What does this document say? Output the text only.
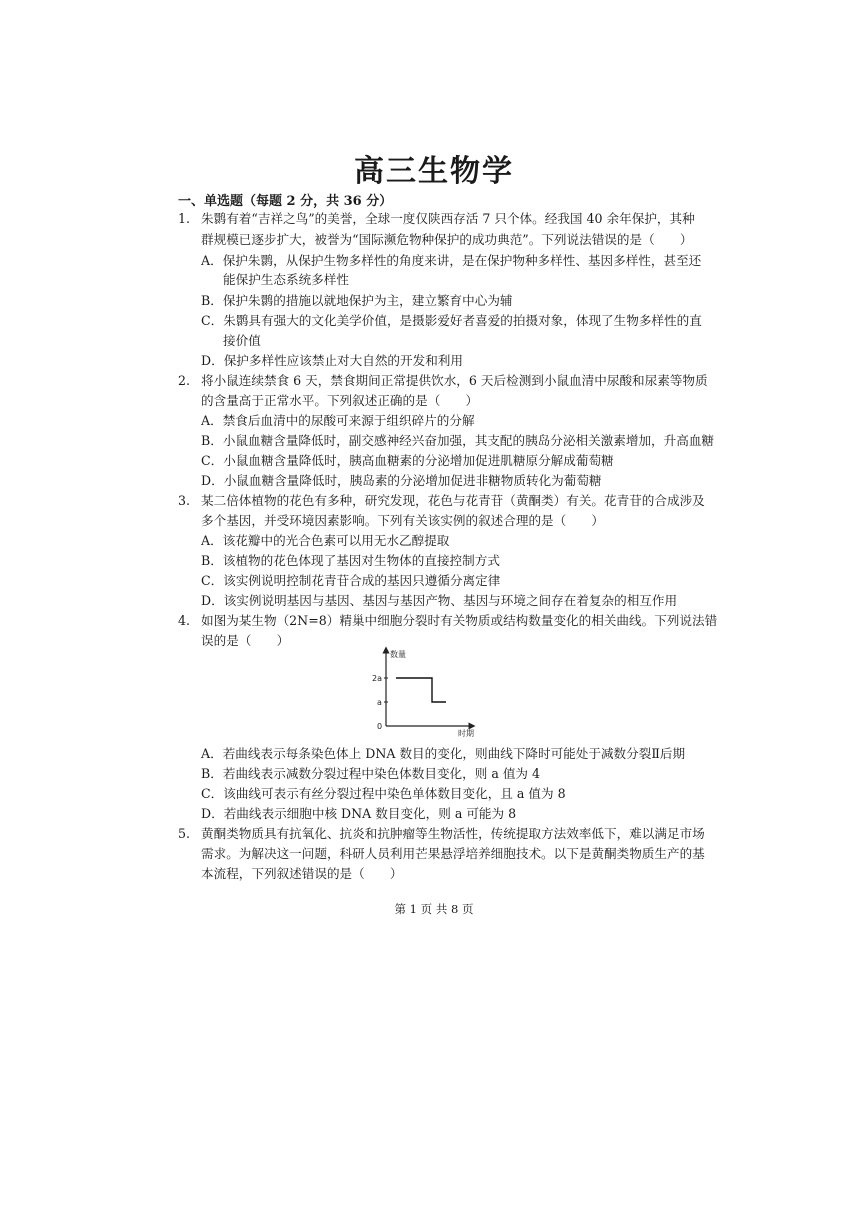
高三生物学
一、单选题（每题 2 分，共 36 分）
1. 朱鹮有着“吉祥之鸟”的美誉，全球一度仅陕西存活 7 只个体。经我国 40 余年保护，其种
群规模已逐步扩大，被誉为“国际濒危物种保护的成功典范”。下列说法错误的是（　　）
A．保护朱鹮，从保护生物多样性的角度来讲，是在保护物种多样性、基因多样性，甚至还
能保护生态系统多样性
B．保护朱鹮的措施以就地保护为主，建立繁育中心为辅
C．朱鹮具有强大的文化美学价值，是摄影爱好者喜爱的拍摄对象，体现了生物多样性的直
接价值
D．保护多样性应该禁止对大自然的开发和利用
2. 将小鼠连续禁食 6 天，禁食期间正常提供饮水，6 天后检测到小鼠血清中尿酸和尿素等物质
的含量高于正常水平。下列叙述正确的是（　　）
A．禁食后血清中的尿酸可来源于组织碎片的分解
B．小鼠血糖含量降低时，副交感神经兴奋加强，其支配的胰岛分泌相关激素增加，升高血糖
C．小鼠血糖含量降低时，胰高血糖素的分泌增加促进肌糖原分解成葡萄糖
D．小鼠血糖含量降低时，胰岛素的分泌增加促进非糖物质转化为葡萄糖
3. 某二倍体植物的花色有多种，研究发现，花色与花青苷（黄酮类）有关。花青苷的合成涉及
多个基因，并受环境因素影响。下列有关该实例的叙述合理的是（　　）
A．该花瓣中的光合色素可以用无水乙醇提取
B．该植物的花色体现了基因对生物体的直接控制方式
C．该实例说明控制花青苷合成的基因只遵循分离定律
D．该实例说明基因与基因、基因与基因产物、基因与环境之间存在着复杂的相互作用
4. 如图为某生物（2N=8）精巢中细胞分裂时有关物质或结构数量变化的相关曲线。下列说法错
误的是（　　）
数量
时期
2a
a
0
A．若曲线表示每条染色体上 DNA 数目的变化，则曲线下降时可能处于减数分裂Ⅱ后期
B．若曲线表示减数分裂过程中染色体数目变化，则 a 值为 4
C．该曲线可表示有丝分裂过程中染色单体数目变化，且 a 值为 8
D．若曲线表示细胞中核 DNA 数目变化，则 a 可能为 8
5. 黄酮类物质具有抗氧化、抗炎和抗肿瘤等生物活性，传统提取方法效率低下，难以满足市场
需求。为解决这一问题，科研人员利用芒果悬浮培养细胞技术。以下是黄酮类物质生产的基
本流程，下列叙述错误的是（　　）
第 1 页 共 8 页
